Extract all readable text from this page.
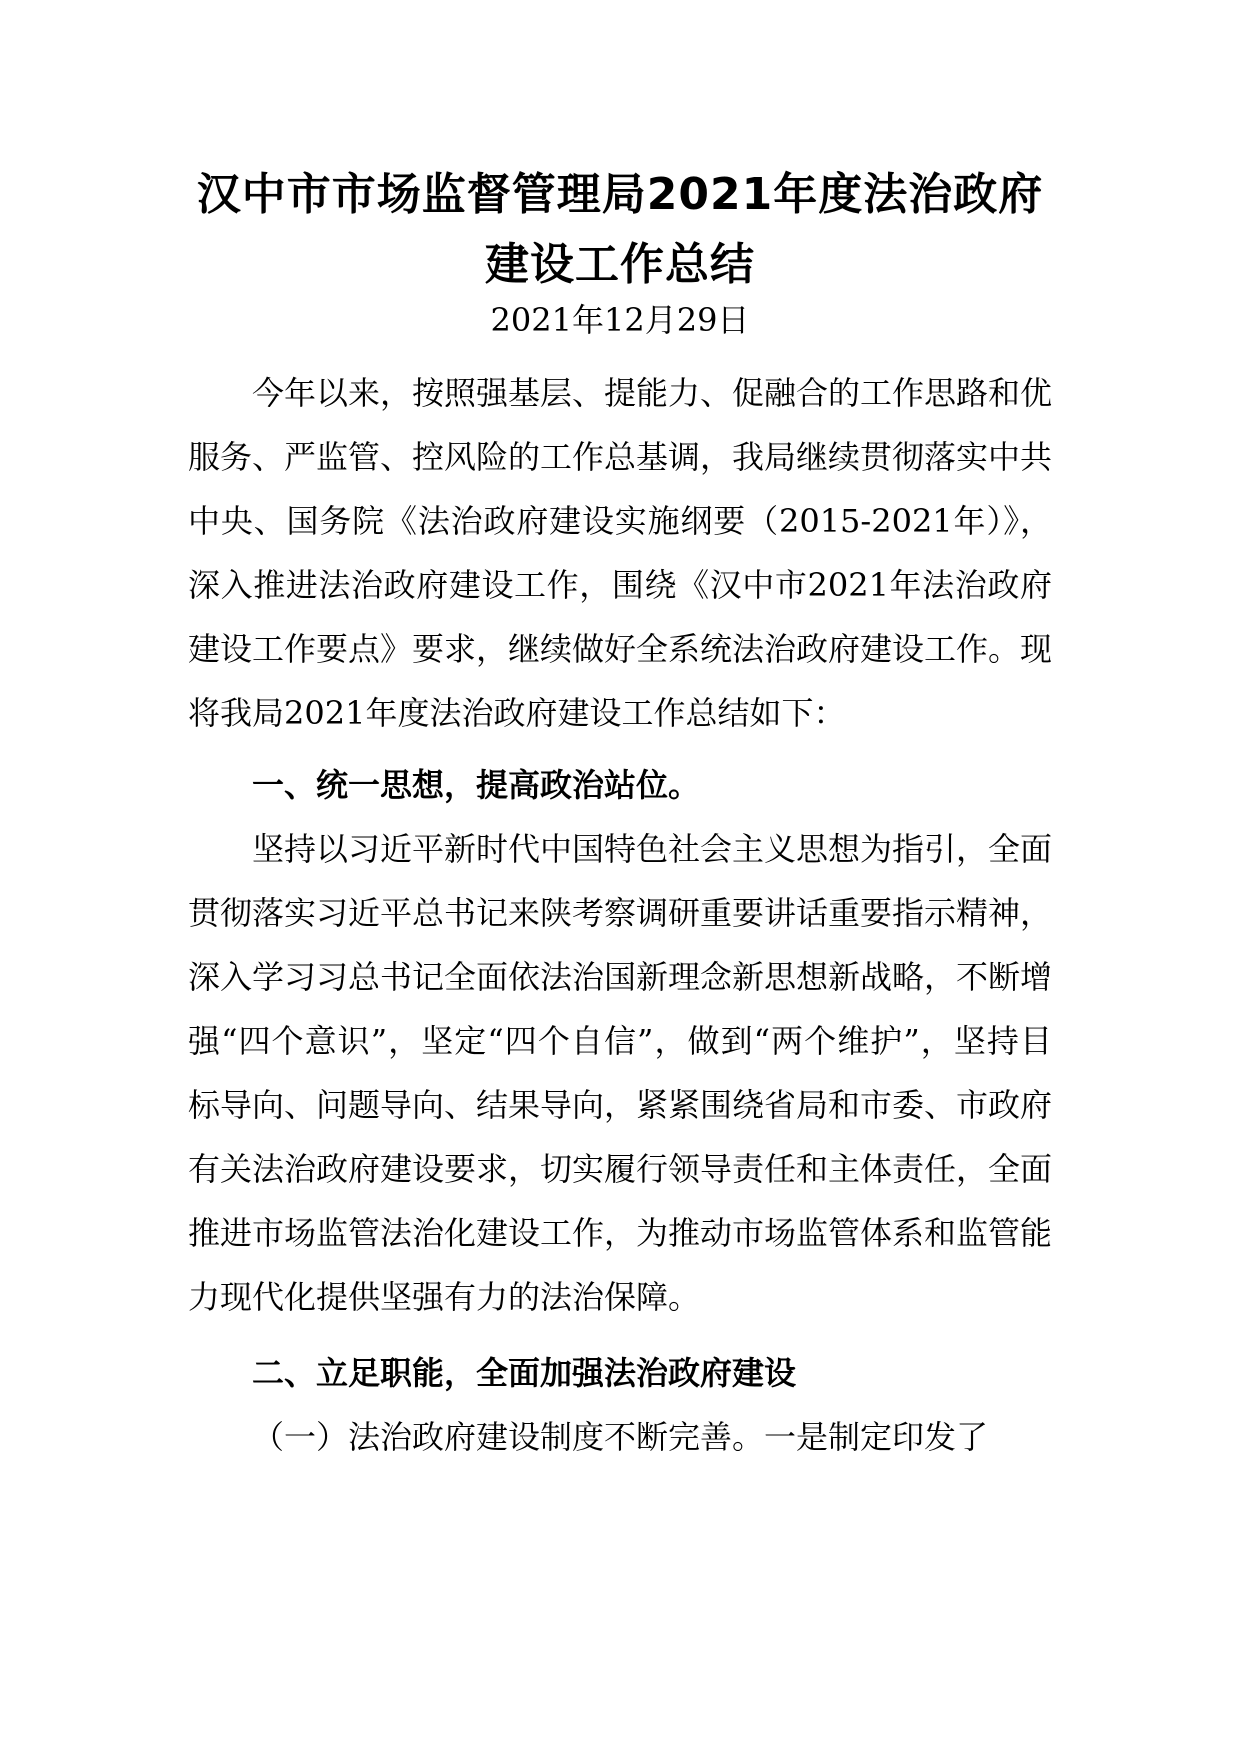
汉中市市场监督管理局2021年度法治政府建设工作总结
2021年12月29日

今年以来，按照强基层、提能力、促融合的工作思路和优服务、严监管、控风险的工作总基调，我局继续贯彻落实中共中央、国务院《法治政府建设实施纲要（2015-2021年）》，深入推进法治政府建设工作，围绕《汉中市2021年法治政府建设工作要点》要求，继续做好全系统法治政府建设工作。现将我局2021年度法治政府建设工作总结如下：

一、统一思想，提高政治站位。

坚持以习近平新时代中国特色社会主义思想为指引，全面贯彻落实习近平总书记来陕考察调研重要讲话重要指示精神，深入学习习总书记全面依法治国新理念新思想新战略，不断增强“四个意识”，坚定“四个自信”，做到“两个维护”，坚持目标导向、问题导向、结果导向，紧紧围绕省局和市委、市政府有关法治政府建设要求，切实履行领导责任和主体责任，全面推进市场监管法治化建设工作，为推动市场监管体系和监管能力现代化提供坚强有力的法治保障。

二、立足职能，全面加强法治政府建设

（一）法治政府建设制度不断完善。一是制定印发了
